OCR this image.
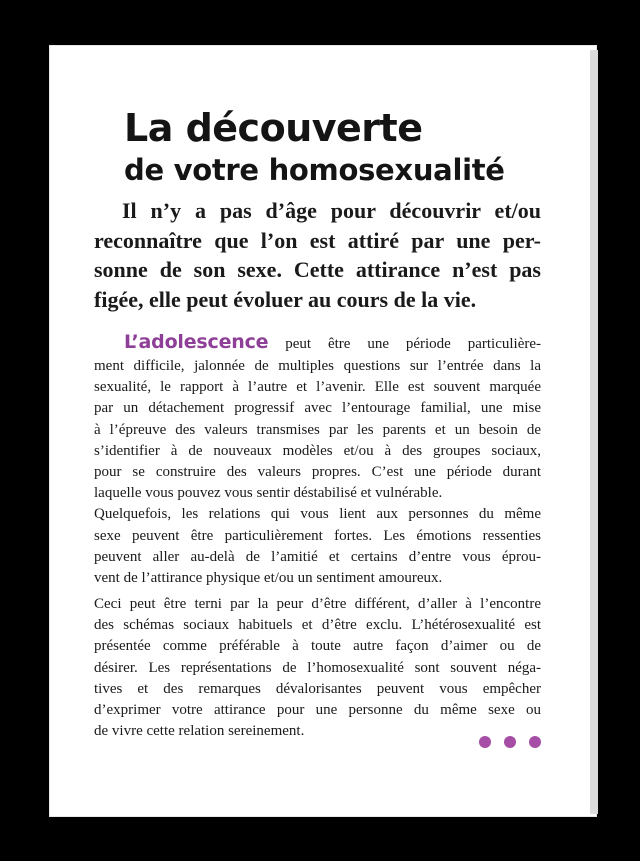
La découverte
de votre homosexualité
Il n’y a pas d’âge pour découvrir et/ou
reconnaître que l’on est attiré par une per-
sonne de son sexe. Cette attirance n’est pas
figée, elle peut évoluer au cours de la vie.
L’adolescence peut être une période particulière-
ment difficile, jalonnée de multiples questions sur l’entrée dans la
sexualité, le rapport à l’autre et l’avenir. Elle est souvent marquée
par un détachement progressif avec l’entourage familial, une mise
à l’épreuve des valeurs transmises par les parents et un besoin de
s’identifier à de nouveaux modèles et/ou à des groupes sociaux,
pour se construire des valeurs propres. C’est une période durant
laquelle vous pouvez vous sentir déstabilisé et vulnérable.
Quelquefois, les relations qui vous lient aux personnes du même
sexe peuvent être particulièrement fortes. Les émotions ressenties
peuvent aller au-delà de l’amitié et certains d’entre vous éprou-
vent de l’attirance physique et/ou un sentiment amoureux.
Ceci peut être terni par la peur d’être différent, d’aller à l’encontre
des schémas sociaux habituels et d’être exclu. L’hétérosexualité est
présentée comme préférable à toute autre façon d’aimer ou de
désirer. Les représentations de l’homosexualité sont souvent néga-
tives et des remarques dévalorisantes peuvent vous empêcher
d’exprimer votre attirance pour une personne du même sexe ou
de vivre cette relation sereinement.
